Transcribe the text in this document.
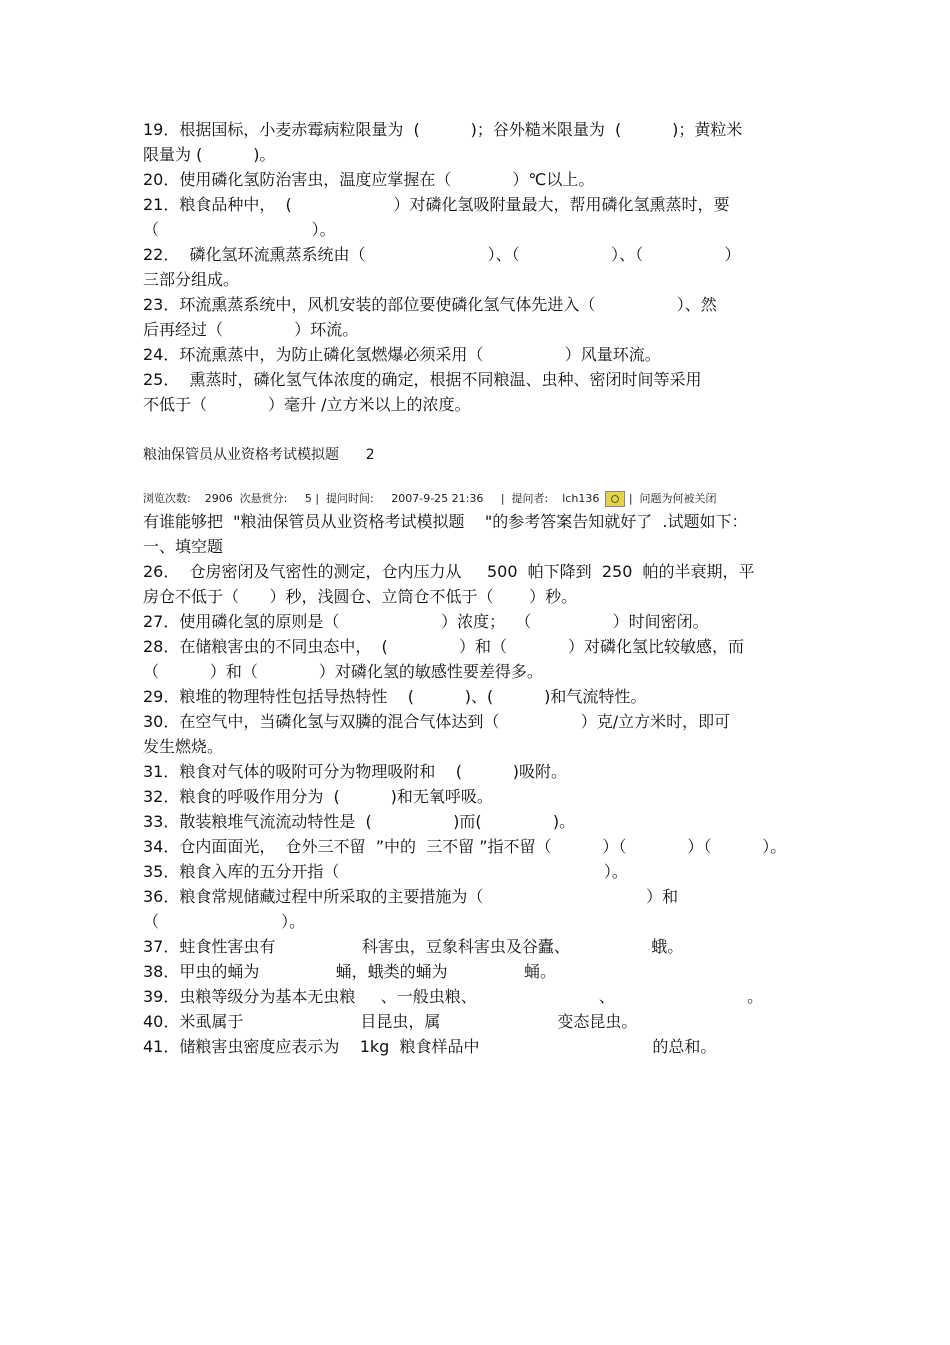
19．根据国标，小麦赤霉病粒限量为  (          )；谷外糙米限量为  (          )；黄粒米

限量为 (          )。

20．使用磷化氢防治害虫，温度应掌握在（            ）℃以上。

21．粮食品种中，  (                    ）对磷化氢吸附量最大，帮用磷化氢熏蒸时，要

（                              ）。

22．  磷化氢环流熏蒸系统由（                        ）、（                  ）、（                ）

三部分组成。

23．环流熏蒸系统中，风机安装的部位要使磷化氢气体先进入（                ）、然

后再经过（              ）环流。

24．环流熏蒸中，为防止磷化氢燃爆必须采用（                ）风量环流。

25．  熏蒸时，磷化氢气体浓度的确定，根据不同粮温、虫种、密闭时间等采用

不低于（            ）毫升 /立方米以上的浓度。

粮油保管员从业资格考试模拟题      2
浏览次数:    2906  次悬赏分:     5 |  提问时间:     2007-9-25 21:36     |  提问者:    lch136 |  问题为何被关闭

有谁能够把  "粮油保管员从业资格考试模拟题    "的参考答案告知就好了  .试题如下：

一、填空题

26．  仓房密闭及气密性的测定，仓内压力从     500  帕下降到  250  帕的半衰期，平

房仓不低于（      ）秒，浅圆仓、立筒仓不低于（       ）秒。

27．使用磷化氢的原则是（                    ）浓度；  （                ）时间密闭。

28．在储粮害虫的不同虫态中，  (              ）和（            ）对磷化氢比较敏感，而

（          ）和（            ）对磷化氢的敏感性要差得多。

29．粮堆的物理特性包括导热特性    (          )、(          )和气流特性。

30．在空气中，当磷化氢与双膦的混合气体达到（                ）克/立方米时，即可

发生燃烧。

31．粮食对气体的吸附可分为物理吸附和    (          )吸附。

32．粮食的呼吸作用分为  (          )和无氧呼吸。

33．散装粮堆气流流动特性是  (                )而(              )。

34．仓内面面光，  仓外三不留  ”中的  三不留 ”指不留（          ）（            ）（          ）。

35．粮食入库的五分开指（                                                    ）。

36．粮食常规储藏过程中所采取的主要措施为（                                ）和

（                        ）。

37．蛀食性害虫有                 科害虫，豆象科害虫及谷蠹、                蛾。

38．甲虫的蛹为               蛹，蛾类的蛹为               蛹。

39．虫粮等级分为基本无虫粮     、一般虫粮、                        、                          。

40．米虱属于                       目昆虫，属                       变态昆虫。

41．储粮害虫密度应表示为    1kg  粮食样品中                                  的总和。
